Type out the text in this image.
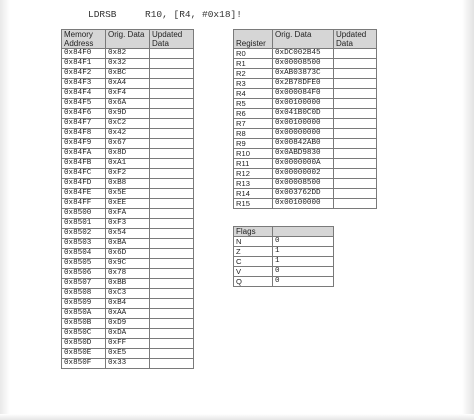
LDRSB     R10, [R4, #0x18]!
Memory Address	Orig. Data	Updated Data
0x84F0	0x82	
0x84F1	0x32	
0x84F2	0xBC	
0x84F3	0xA4	
0x84F4	0xF4	
0x84F5	0x6A	
0x84F6	0x9D	
0x84F7	0xC2	
0x84F8	0x42	
0x84F9	0x67	
0x84FA	0x8D	
0x84FB	0xA1	
0x84FC	0xF2	
0x84FD	0xB8	
0x84FE	0x5E	
0x84FF	0xEE	
0x8500	0xFA	
0x8501	0xF3	
0x8502	0x54	
0x8503	0xBA	
0x8504	0x6D	
0x8505	0x9C	
0x8506	0x78	
0x8507	0xBB	
0x8508	0xC3	
0x8509	0xB4	
0x850A	0xAA	
0x850B	0xD9	
0x850C	0xDA	
0x850D	0xFF	
0x850E	0xE5	
0x850F	0x33	
Register	Orig. Data	Updated Data
R0	0xDC002B45	
R1	0x00008500	
R2	0xAB03873C	
R3	0x2B78DFE0	
R4	0x000084F0	
R5	0x00100000	
R6	0x041B0C0D	
R7	0x00100000	
R8	0x00000000	
R9	0x00842AB0	
R10	0x0ABD9830	
R11	0x0000000A	
R12	0x00000002	
R13	0x00008500	
R14	0x003762DD	
R15	0x00100000	
Flags	
N	0
Z	1
C	1
V	0
Q	0
